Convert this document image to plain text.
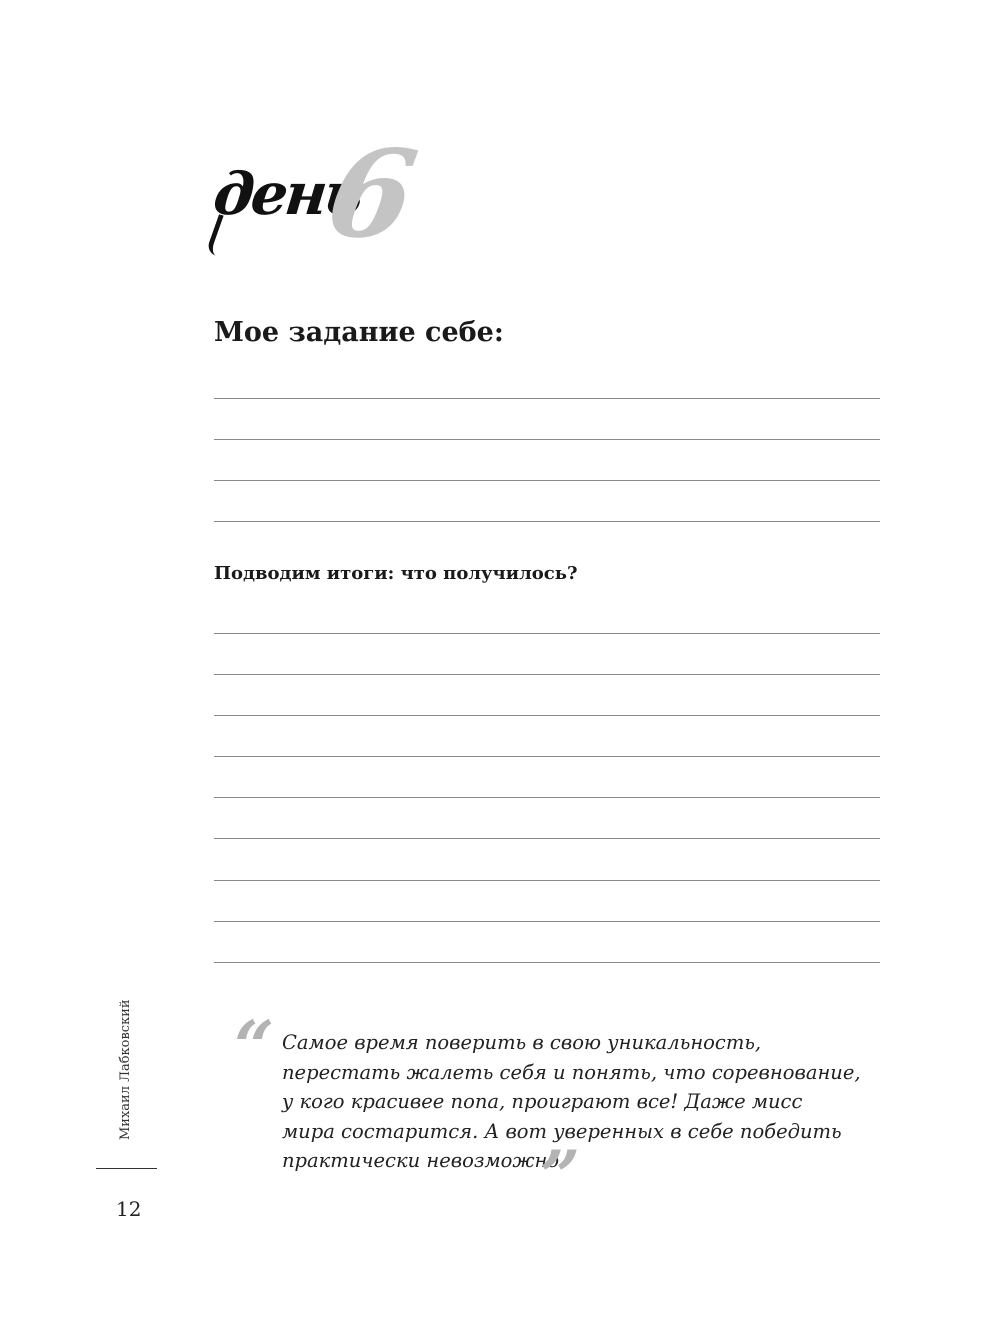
день
6
Мое задание себе:
Подводим итоги: что получилось?
“ Самое время поверить в свою уникальность,
перестать жалеть себя и понять, что соревнование,
у кого красивее попа, проиграют все! Даже мисс
мира состарится. А вот уверенных в себе победить
практически невозможно.
”
Михаил Лабковский
12
